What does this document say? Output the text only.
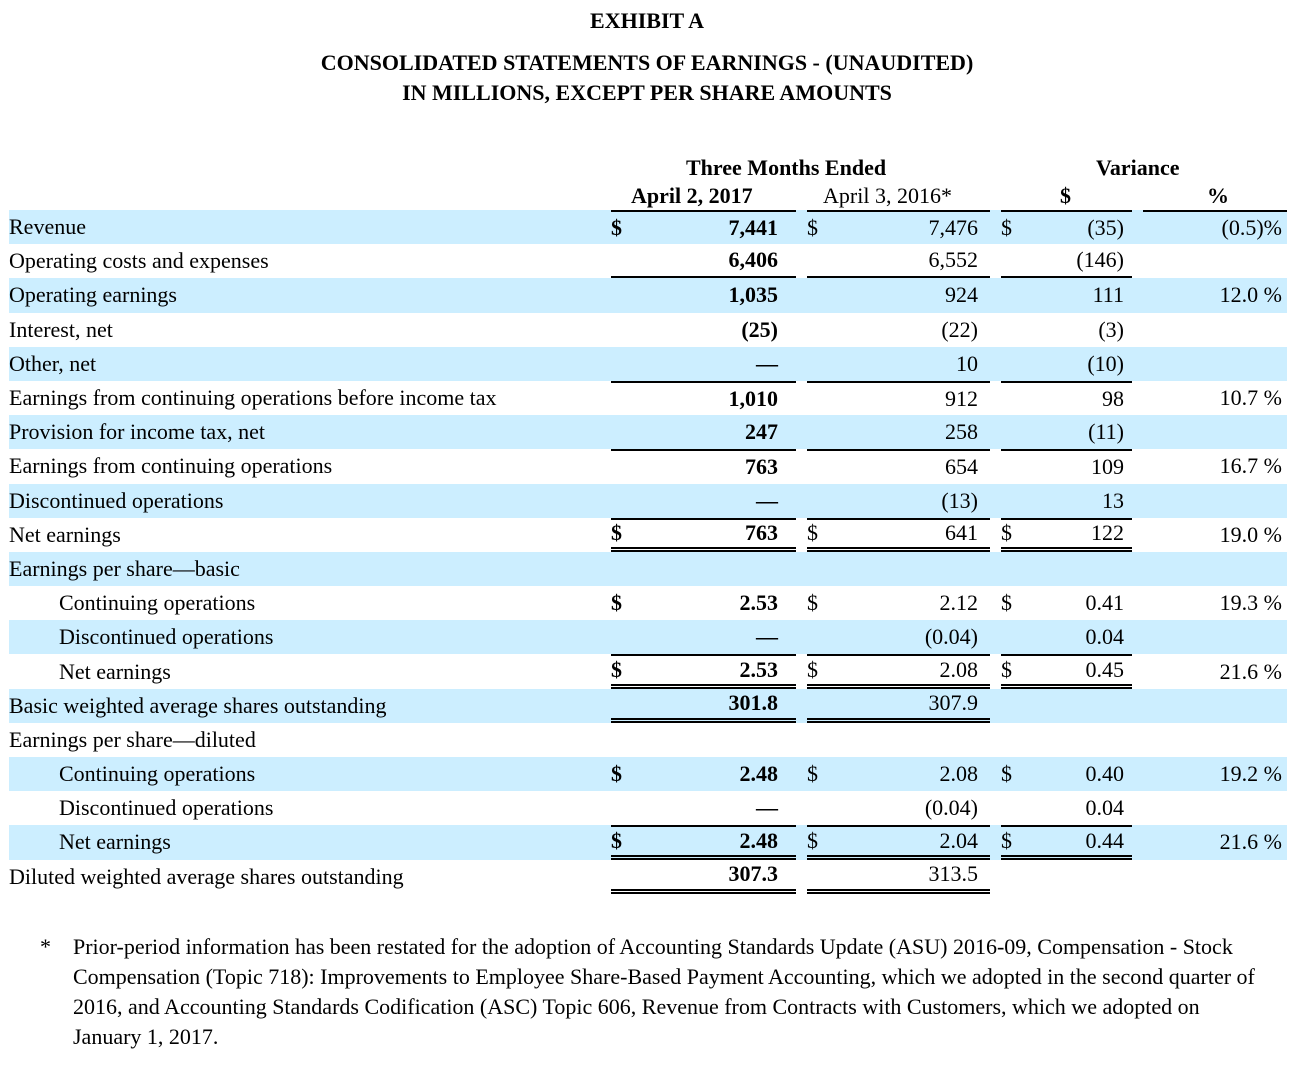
EXHIBIT A
CONSOLIDATED STATEMENTS OF EARNINGS - (UNAUDITED)
IN MILLIONS, EXCEPT PER SHARE AMOUNTS
Three Months Ended	Variance
April 2, 2017	April 3, 2016*	$	%
Revenue		$	7,441		$	7,476		$	(35)		(0.5)%
Operating costs and expenses			6,406			6,552			(146)		
Operating earnings			1,035			924			111		12.0 %
Interest, net			(25)			(22)			(3)		
Other, net			—			10			(10)		
Earnings from continuing operations before income tax			1,010			912			98		10.7 %
Provision for income tax, net			247			258			(11)		
Earnings from continuing operations			763			654			109		16.7 %
Discontinued operations			—			(13)			13		
Net earnings		$	763		$	641		$	122		19.0 %
Earnings per share—basic											
Continuing operations		$	2.53		$	2.12		$	0.41		19.3 %
Discontinued operations			—			(0.04)			0.04		
Net earnings		$	2.53		$	2.08		$	0.45		21.6 %
Basic weighted average shares outstanding			301.8			307.9					
Earnings per share—diluted											
Continuing operations		$	2.48		$	2.08		$	0.40		19.2 %
Discontinued operations			—			(0.04)			0.04		
Net earnings		$	2.48		$	2.04		$	0.44		21.6 %
Diluted weighted average shares outstanding			307.3			313.5					
* Prior-period information has been restated for the adoption of Accounting Standards Update (ASU) 2016-09, Compensation - Stock Compensation (Topic 718): Improvements to Employee Share-Based Payment Accounting, which we adopted in the second quarter of 2016, and Accounting Standards Codification (ASC) Topic 606, Revenue from Contracts with Customers, which we adopted on January 1, 2017.
